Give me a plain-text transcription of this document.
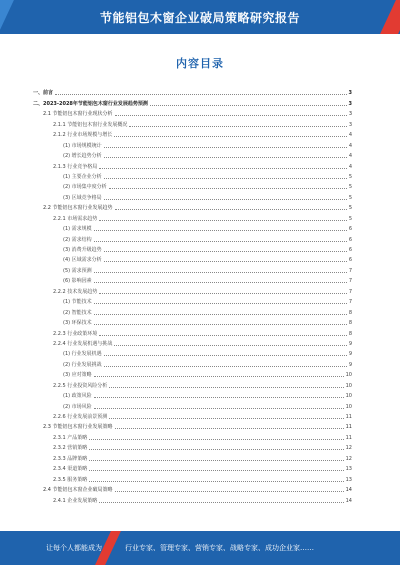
节能铝包木窗企业破局策略研究报告
内容目录
一、前言	3
二、2023-2028年节能铝包木窗行业发展趋势预测	3
2.1 节能铝包木窗行业现状分析	3
2.1.1 节能铝包木窗行业发展概况	3
2.1.2 行业市场规模与增长	4
(1) 市场规模统计	4
(2) 增长趋势分析	4
2.1.3 行业竞争格局	4
(1) 主要企业分析	5
(2) 市场集中度分析	5
(3) 区域竞争格局	5
2.2 节能铝包木窗行业发展趋势	5
2.2.1 市场需求趋势	5
(1) 需求规模	6
(2) 需求结构	6
(3) 消费升级趋势	6
(4) 区域需求分析	6
(5) 需求预测	7
(6) 影响因素	7
2.2.2 技术发展趋势	7
(1) 节能技术	7
(2) 智能技术	8
(3) 环保技术	8
2.2.3 行业政策环境	8
2.2.4 行业发展机遇与挑战	9
(1) 行业发展机遇	9
(2) 行业发展挑战	9
(3) 应对策略	10
2.2.5 行业投资风险分析	10
(1) 政策风险	10
(2) 市场风险	10
2.2.6 行业发展前景预测	11
2.3 节能铝包木窗行业发展策略	11
2.3.1 产品策略	11
2.3.2 营销策略	12
2.3.3 品牌策略	12
2.3.4 渠道策略	13
2.3.5 服务策略	13
2.4 节能铝包木窗企业破局策略	14
2.4.1 企业发展策略	14
让每个人都能成为	行业专家、管理专家、营销专家、战略专家、成功企业家……
